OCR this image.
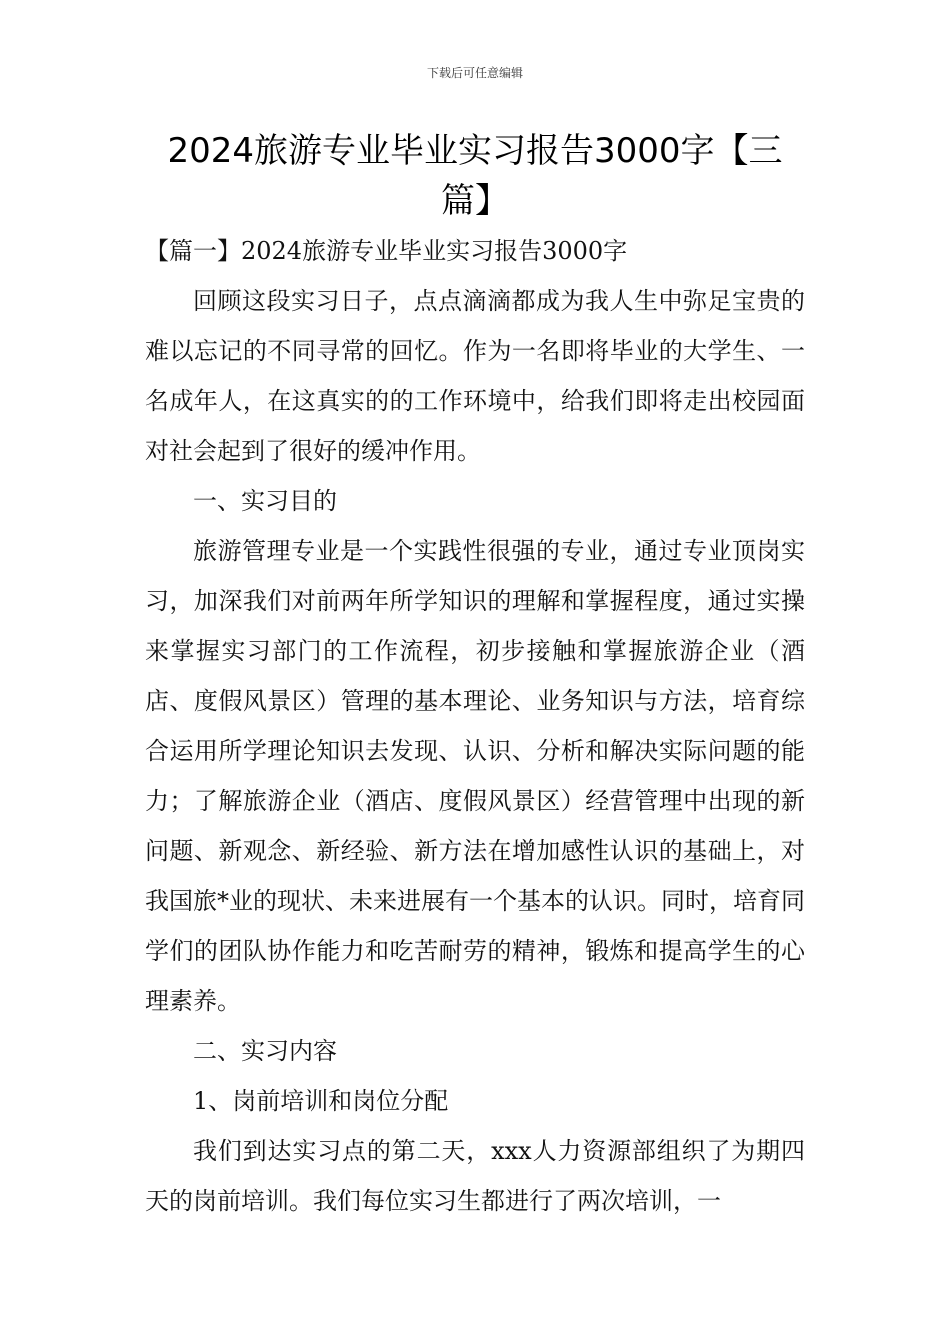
下载后可任意编辑
2024旅游专业毕业实习报告3000字【三篇】

【篇一】2024旅游专业毕业实习报告3000字

回顾这段实习日子，点点滴滴都成为我人生中弥足宝贵的难以忘记的不同寻常的回忆。作为一名即将毕业的大学生、一名成年人，在这真实的的工作环境中，给我们即将走出校园面对社会起到了很好的缓冲作用。

一、实习目的

旅游管理专业是一个实践性很强的专业，通过专业顶岗实习，加深我们对前两年所学知识的理解和掌握程度，通过实操来掌握实习部门的工作流程，初步接触和掌握旅游企业（酒店、度假风景区）管理的基本理论、业务知识与方法，培育综合运用所学理论知识去发现、认识、分析和解决实际问题的能力；了解旅游企业（酒店、度假风景区）经营管理中出现的新问题、新观念、新经验、新方法在增加感性认识的基础上，对我国旅*业的现状、未来进展有一个基本的认识。同时，培育同学们的团队协作能力和吃苦耐劳的精神，锻炼和提高学生的心理素养。

二、实习内容

1、岗前培训和岗位分配

我们到达实习点的第二天，xxx人力资源部组织了为期四天的岗前培训。我们每位实习生都进行了两次培训，一
